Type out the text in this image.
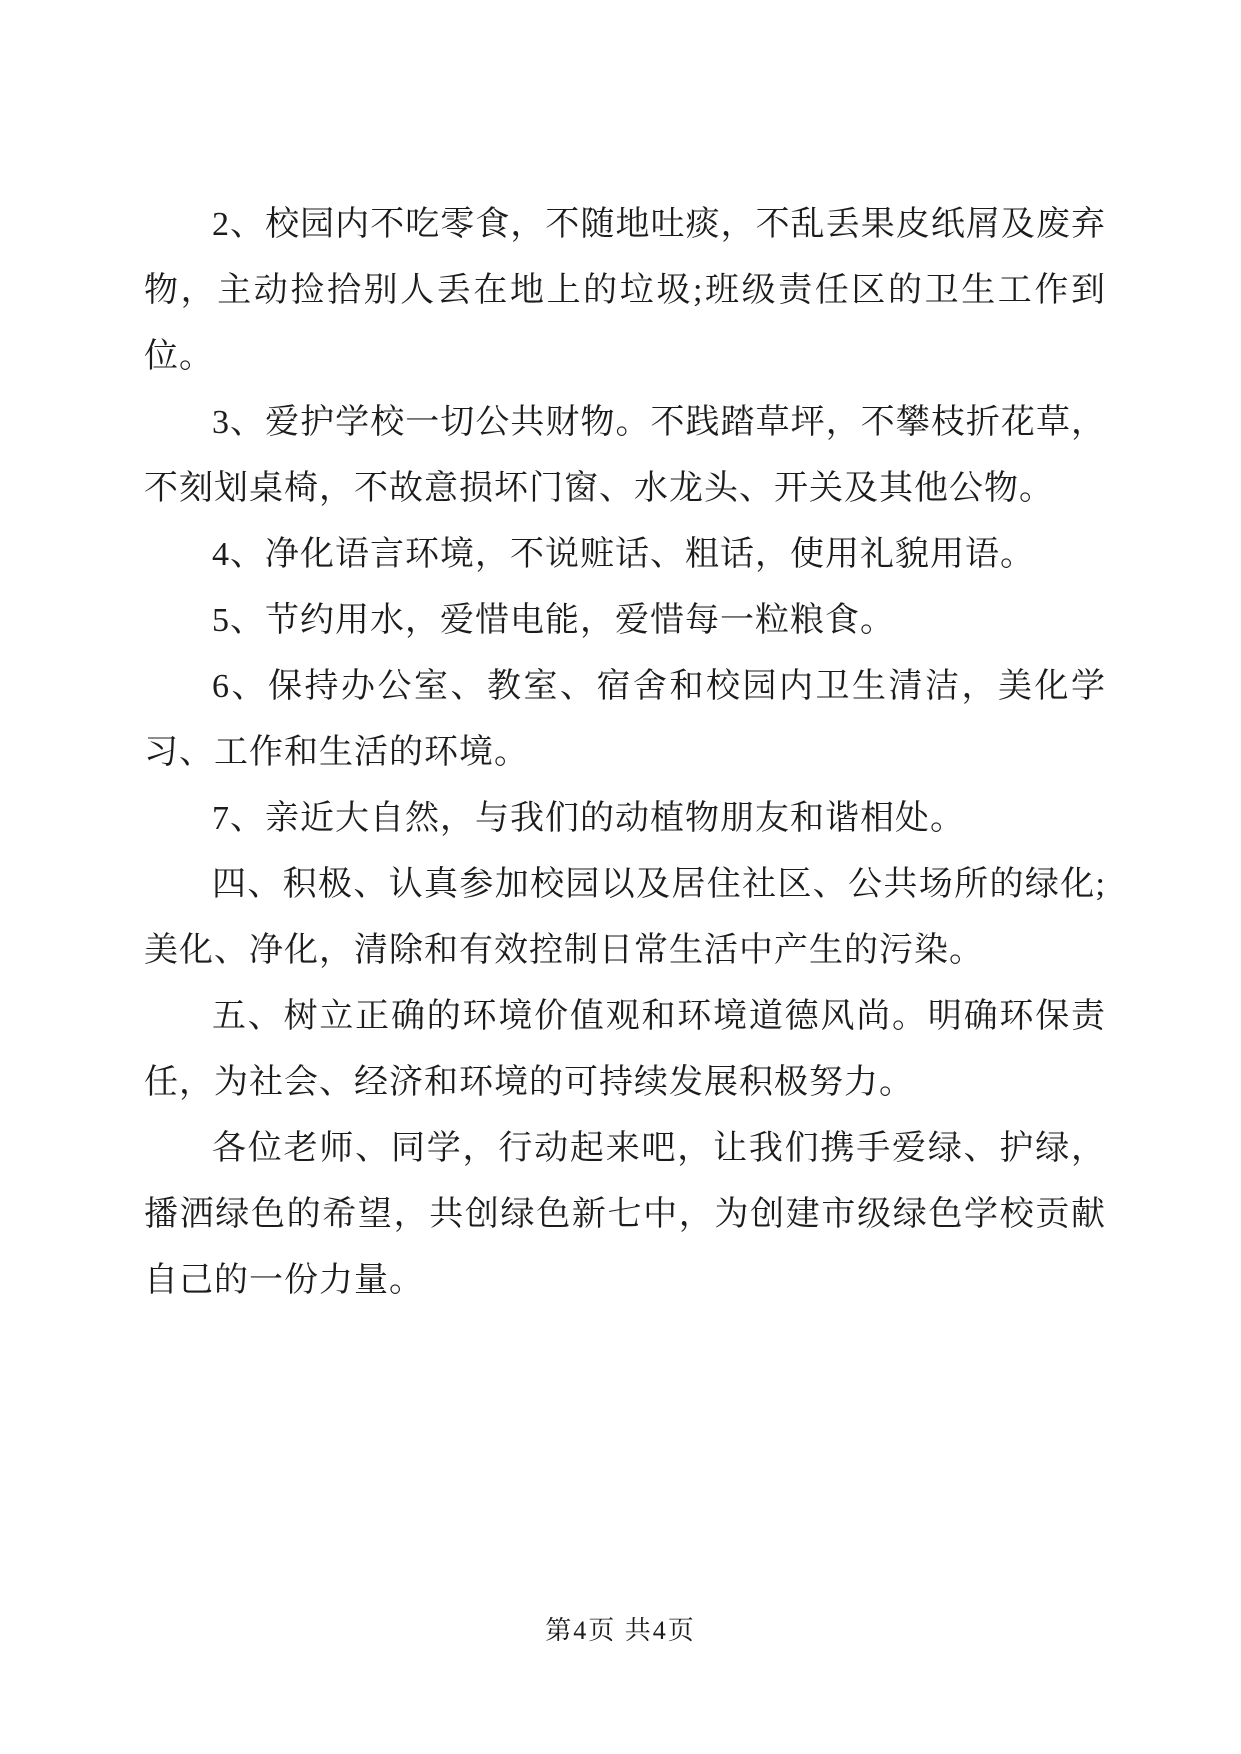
2、校园内不吃零食，不随地吐痰，不乱丢果皮纸屑及废弃物，主动捡拾别人丢在地上的垃圾;班级责任区的卫生工作到位。

3、爱护学校一切公共财物。不践踏草坪，不攀枝折花草，不刻划桌椅，不故意损坏门窗、水龙头、开关及其他公物。

4、净化语言环境，不说赃话、粗话，使用礼貌用语。

5、节约用水，爱惜电能，爱惜每一粒粮食。

6、保持办公室、教室、宿舍和校园内卫生清洁，美化学习、工作和生活的环境。

7、亲近大自然，与我们的动植物朋友和谐相处。

四、积极、认真参加校园以及居住社区、公共场所的绿化;美化、净化，清除和有效控制日常生活中产生的污染。

五、树立正确的环境价值观和环境道德风尚。明确环保责任，为社会、经济和环境的可持续发展积极努力。

各位老师、同学，行动起来吧，让我们携手爱绿、护绿，播洒绿色的希望，共创绿色新七中，为创建市级绿色学校贡献自己的一份力量。

第4页 共4页
